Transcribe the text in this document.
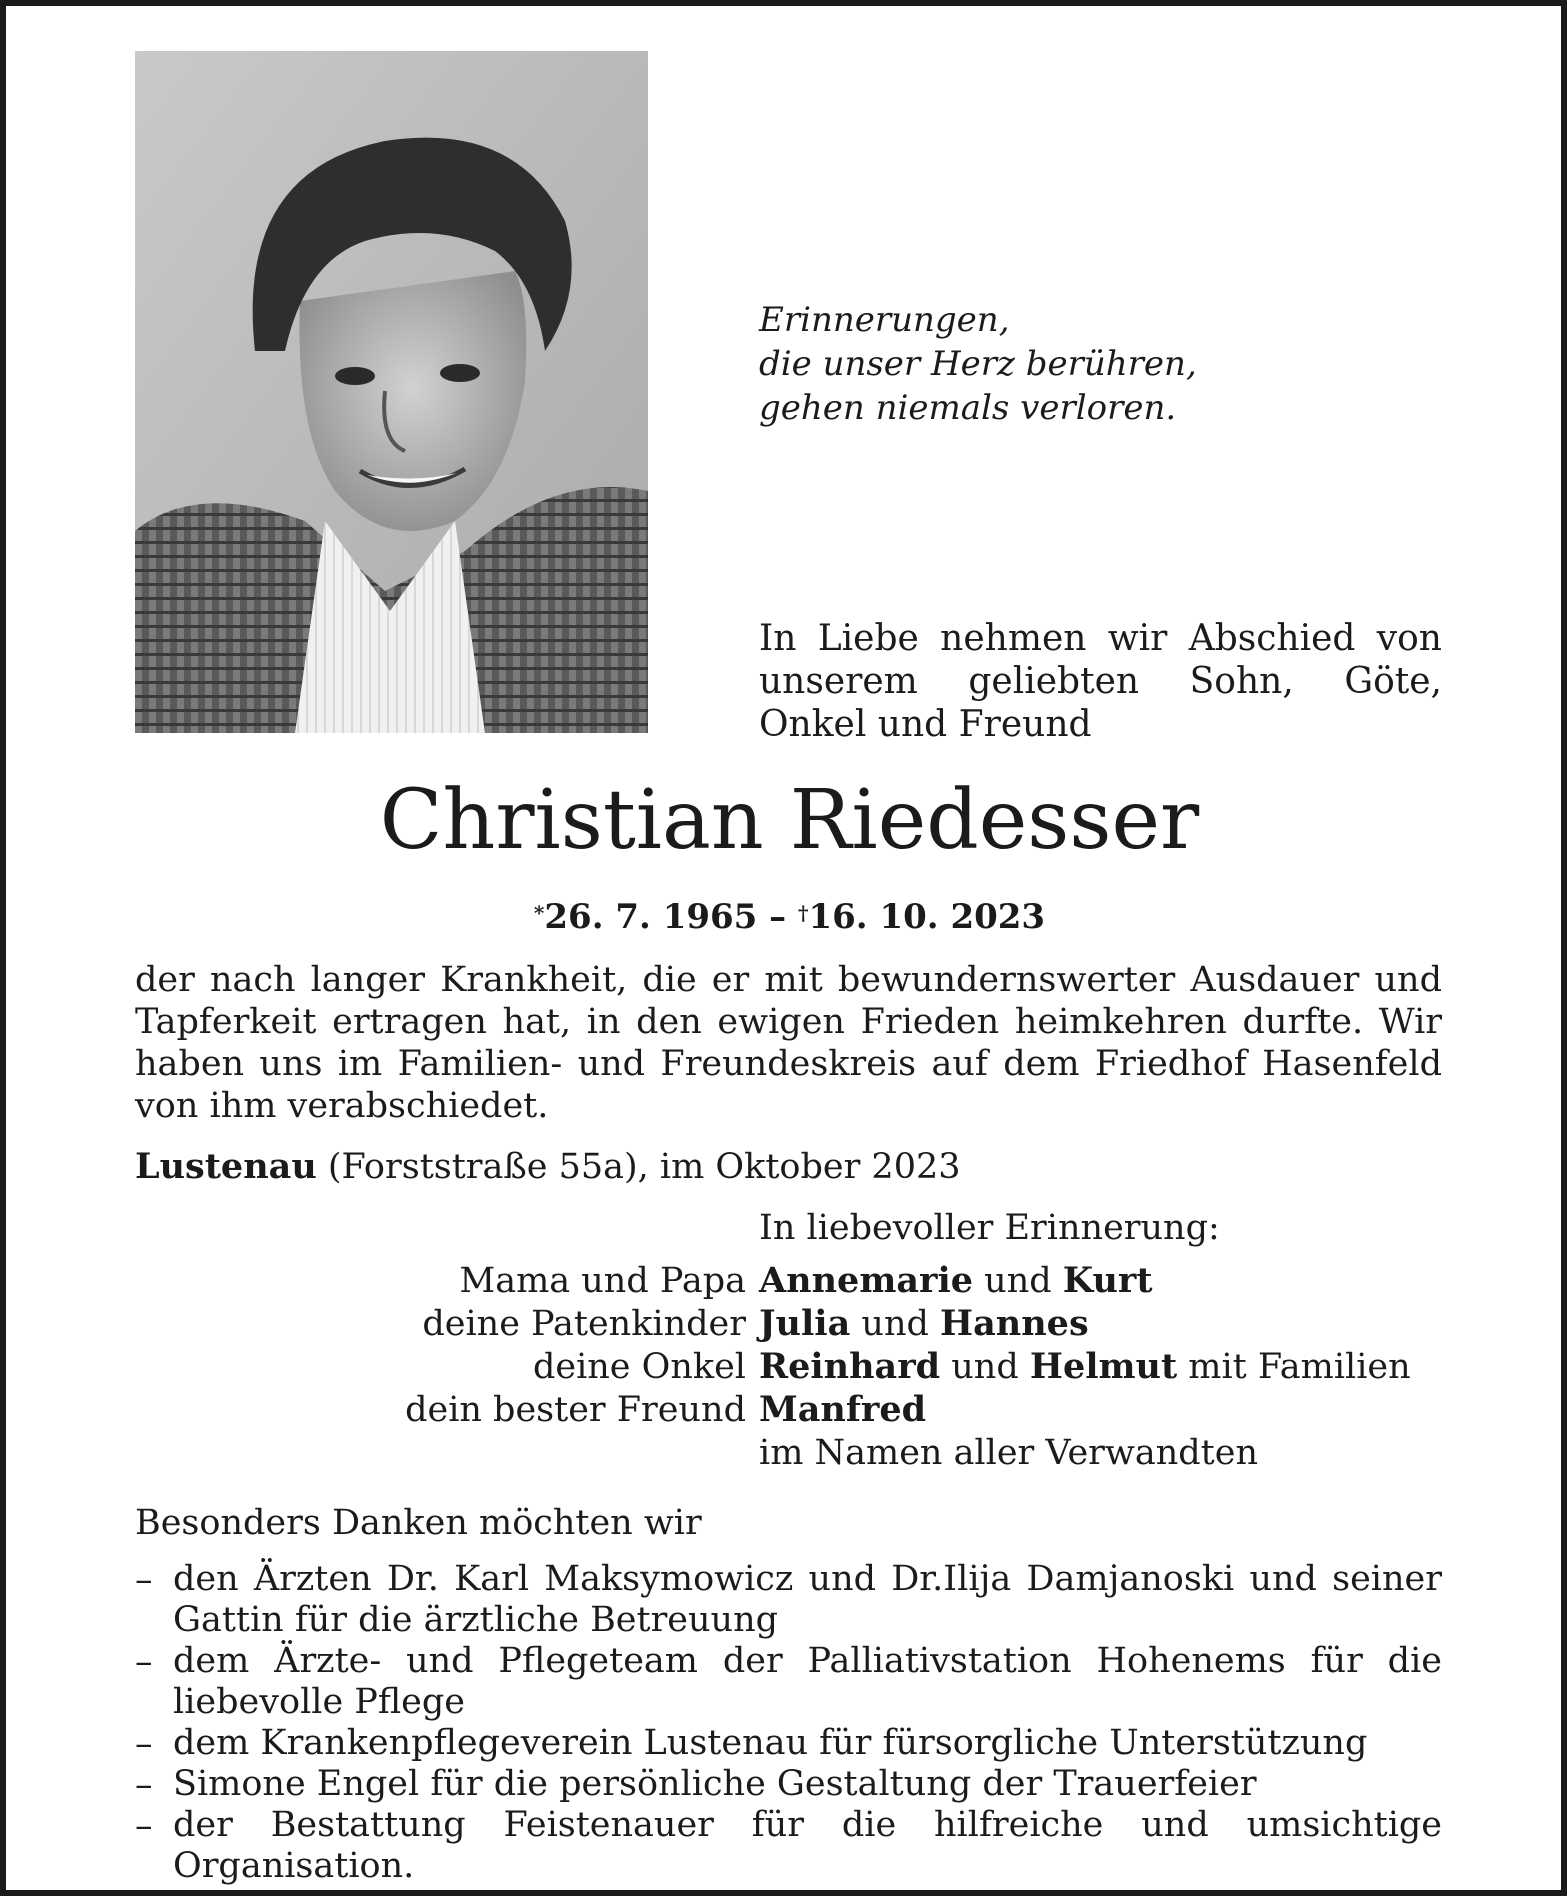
Erinnerungen,
die unser Herz berühren,
gehen niemals verloren.
In Liebe nehmen wir Abschied von unserem geliebten Sohn, Göte, Onkel und Freund
Christian Riedesser
*26. 7. 1965 – †16. 10. 2023
der nach langer Krankheit, die er mit bewundernswerter Ausdauer und Tapferkeit ertragen hat, in den ewigen Frieden heimkehren durfte. Wir haben uns im Familien- und Freundeskreis auf dem Friedhof Hasenfeld von ihm verabschiedet.
Lustenau (Forststraße 55a), im Oktober 2023
In liebevoller Erinnerung:
Mama und Papa Annemarie und Kurt
deine Patenkinder Julia und Hannes
deine Onkel Reinhard und Helmut mit Familien
dein bester Freund Manfred
im Namen aller Verwandten
Besonders Danken möchten wir
– den Ärzten Dr. Karl Maksymowicz und Dr.Ilija Damjanoski und seiner Gattin für die ärztliche Betreuung
– dem Ärzte- und Pflegeteam der Palliativstation Hohenems für die liebevolle Pflege
– dem Krankenpflegeverein Lustenau für fürsorgliche Unterstützung
– Simone Engel für die persönliche Gestaltung der Trauerfeier
– der Bestattung Feistenauer für die hilfreiche und umsichtige Organisation.
